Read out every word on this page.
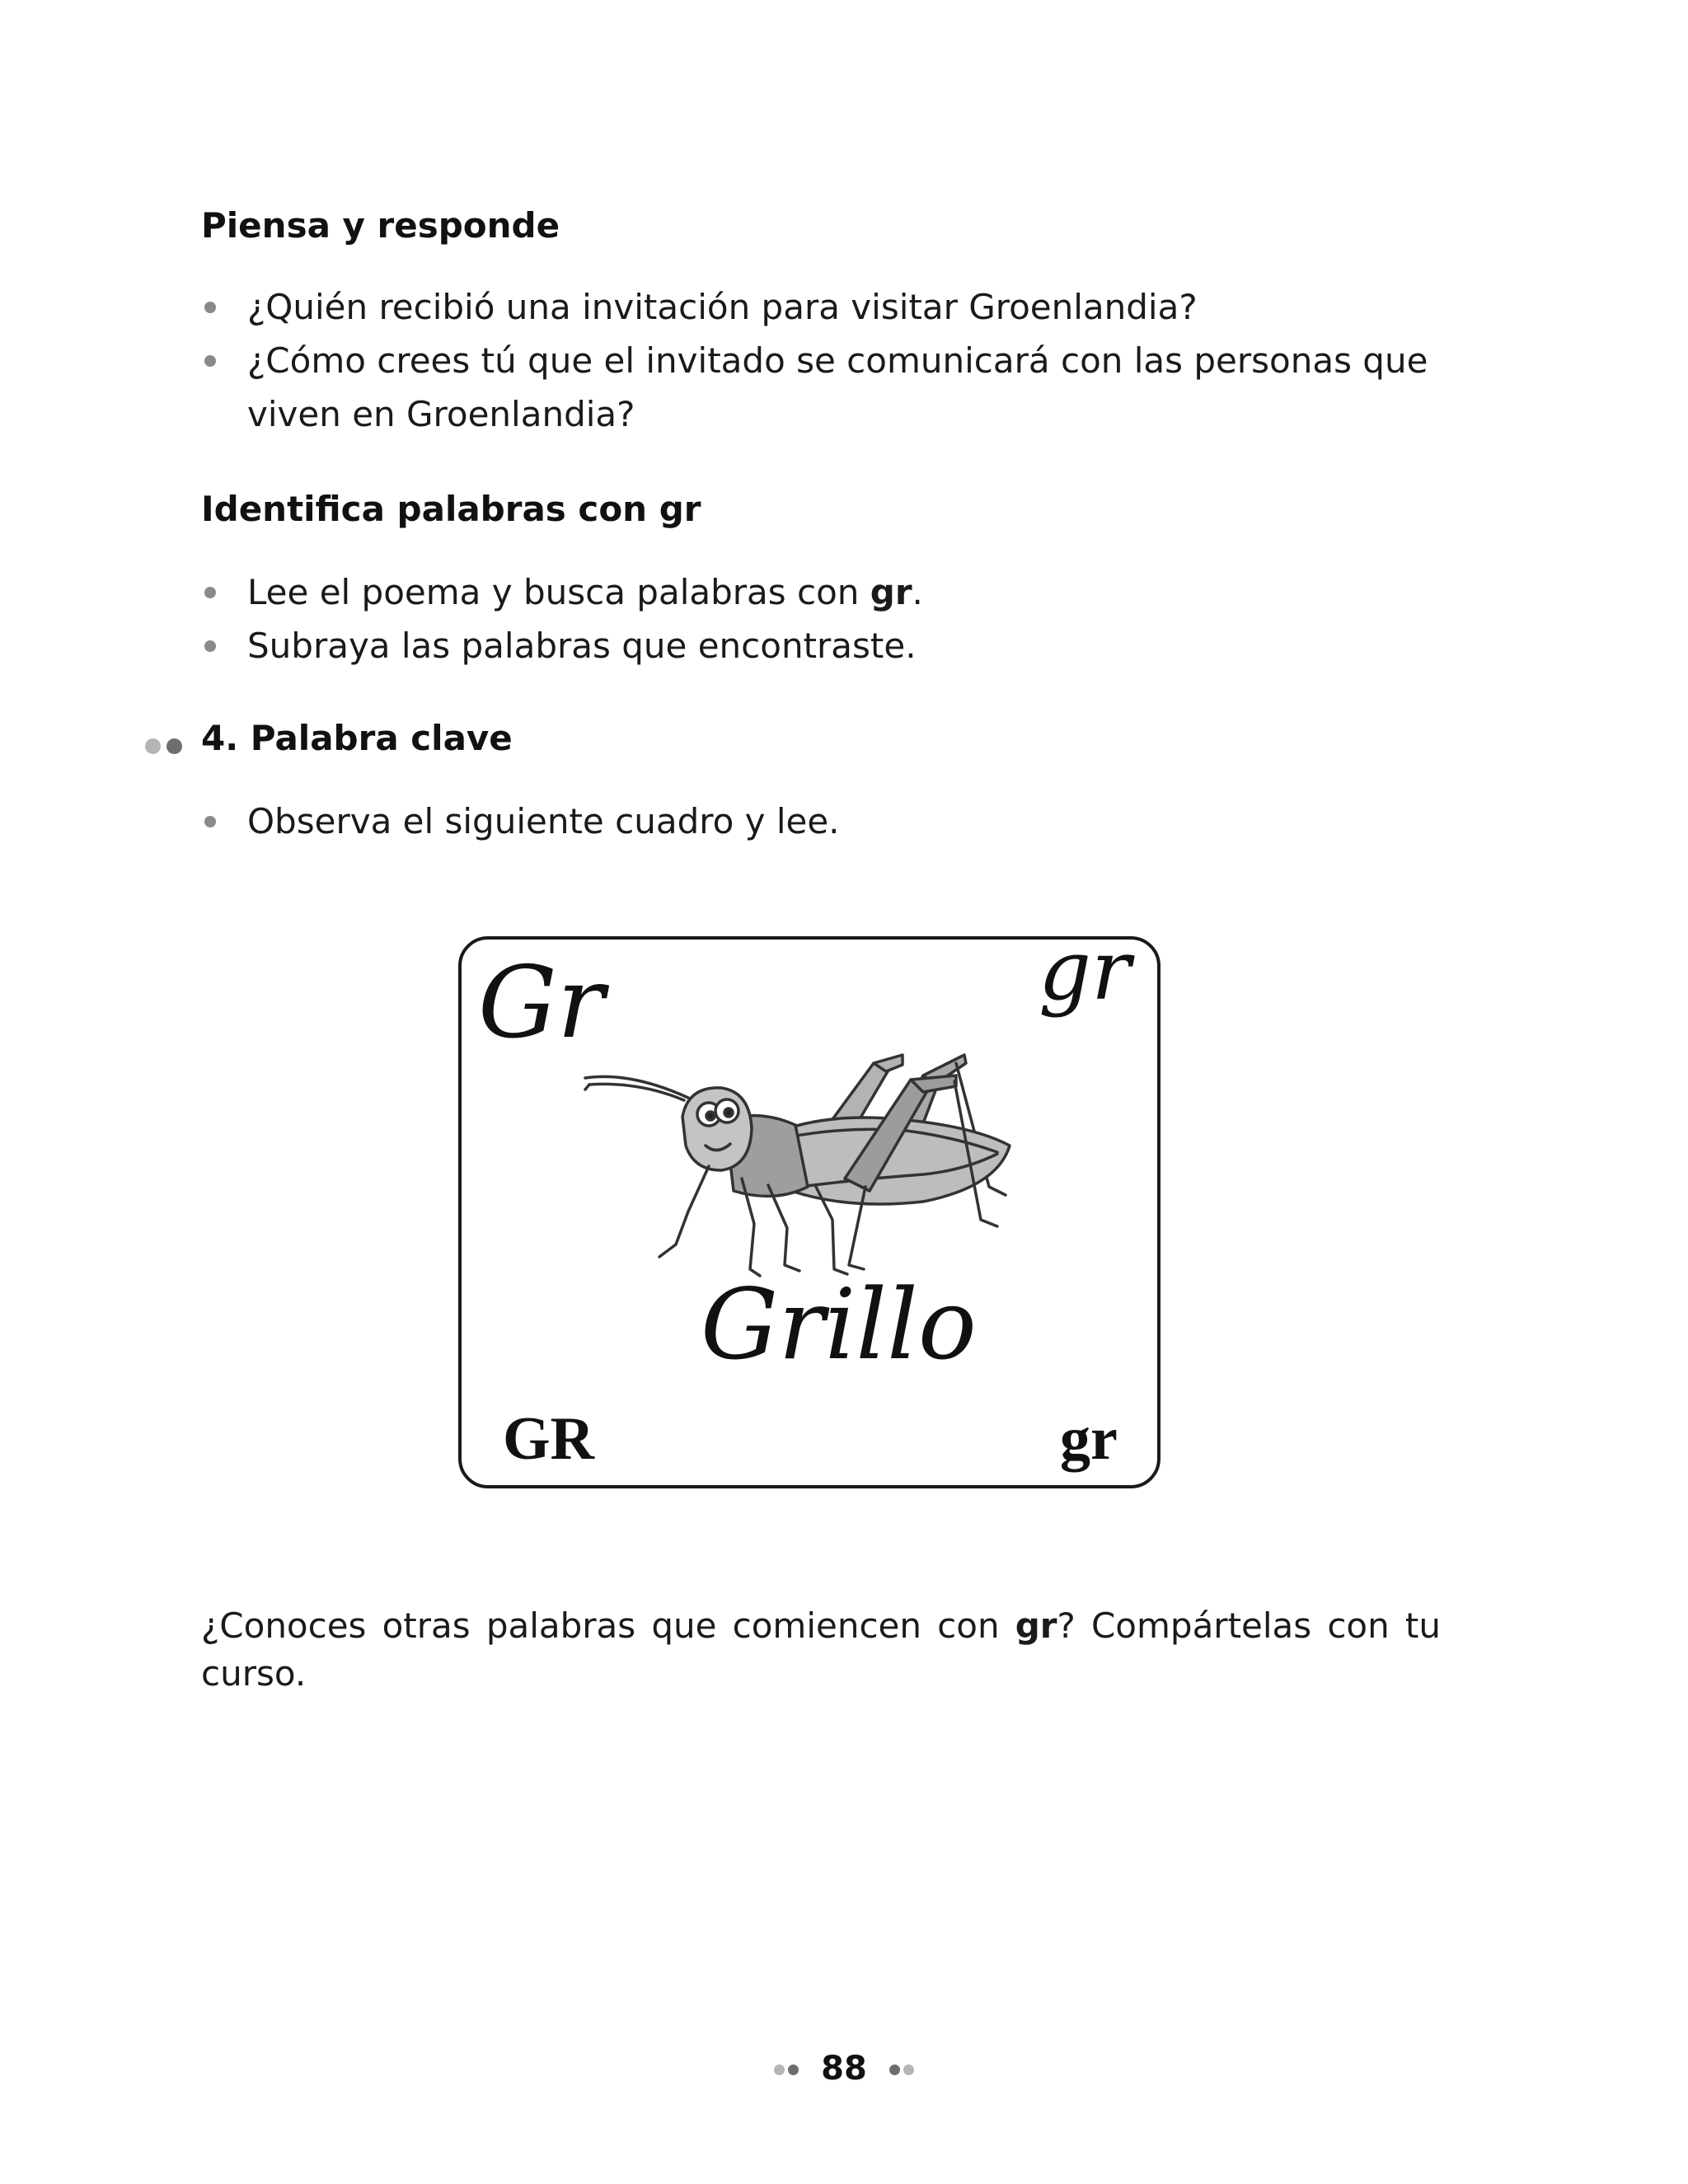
Piensa y responde
¿Quién recibió una invitación para visitar Groenlandia?
¿Cómo crees tú que el invitado se comunicará con las personas que viven en Groenlandia?
Identifica palabras con gr
Lee el poema y busca palabras con gr.
Subraya las palabras que encontraste.
4. Palabra clave
Observa el siguiente cuadro y lee.
Gr	gr
Grillo
GR	gr
¿Conoces otras palabras que comiencen con gr? Compártelas con tu curso.
88
